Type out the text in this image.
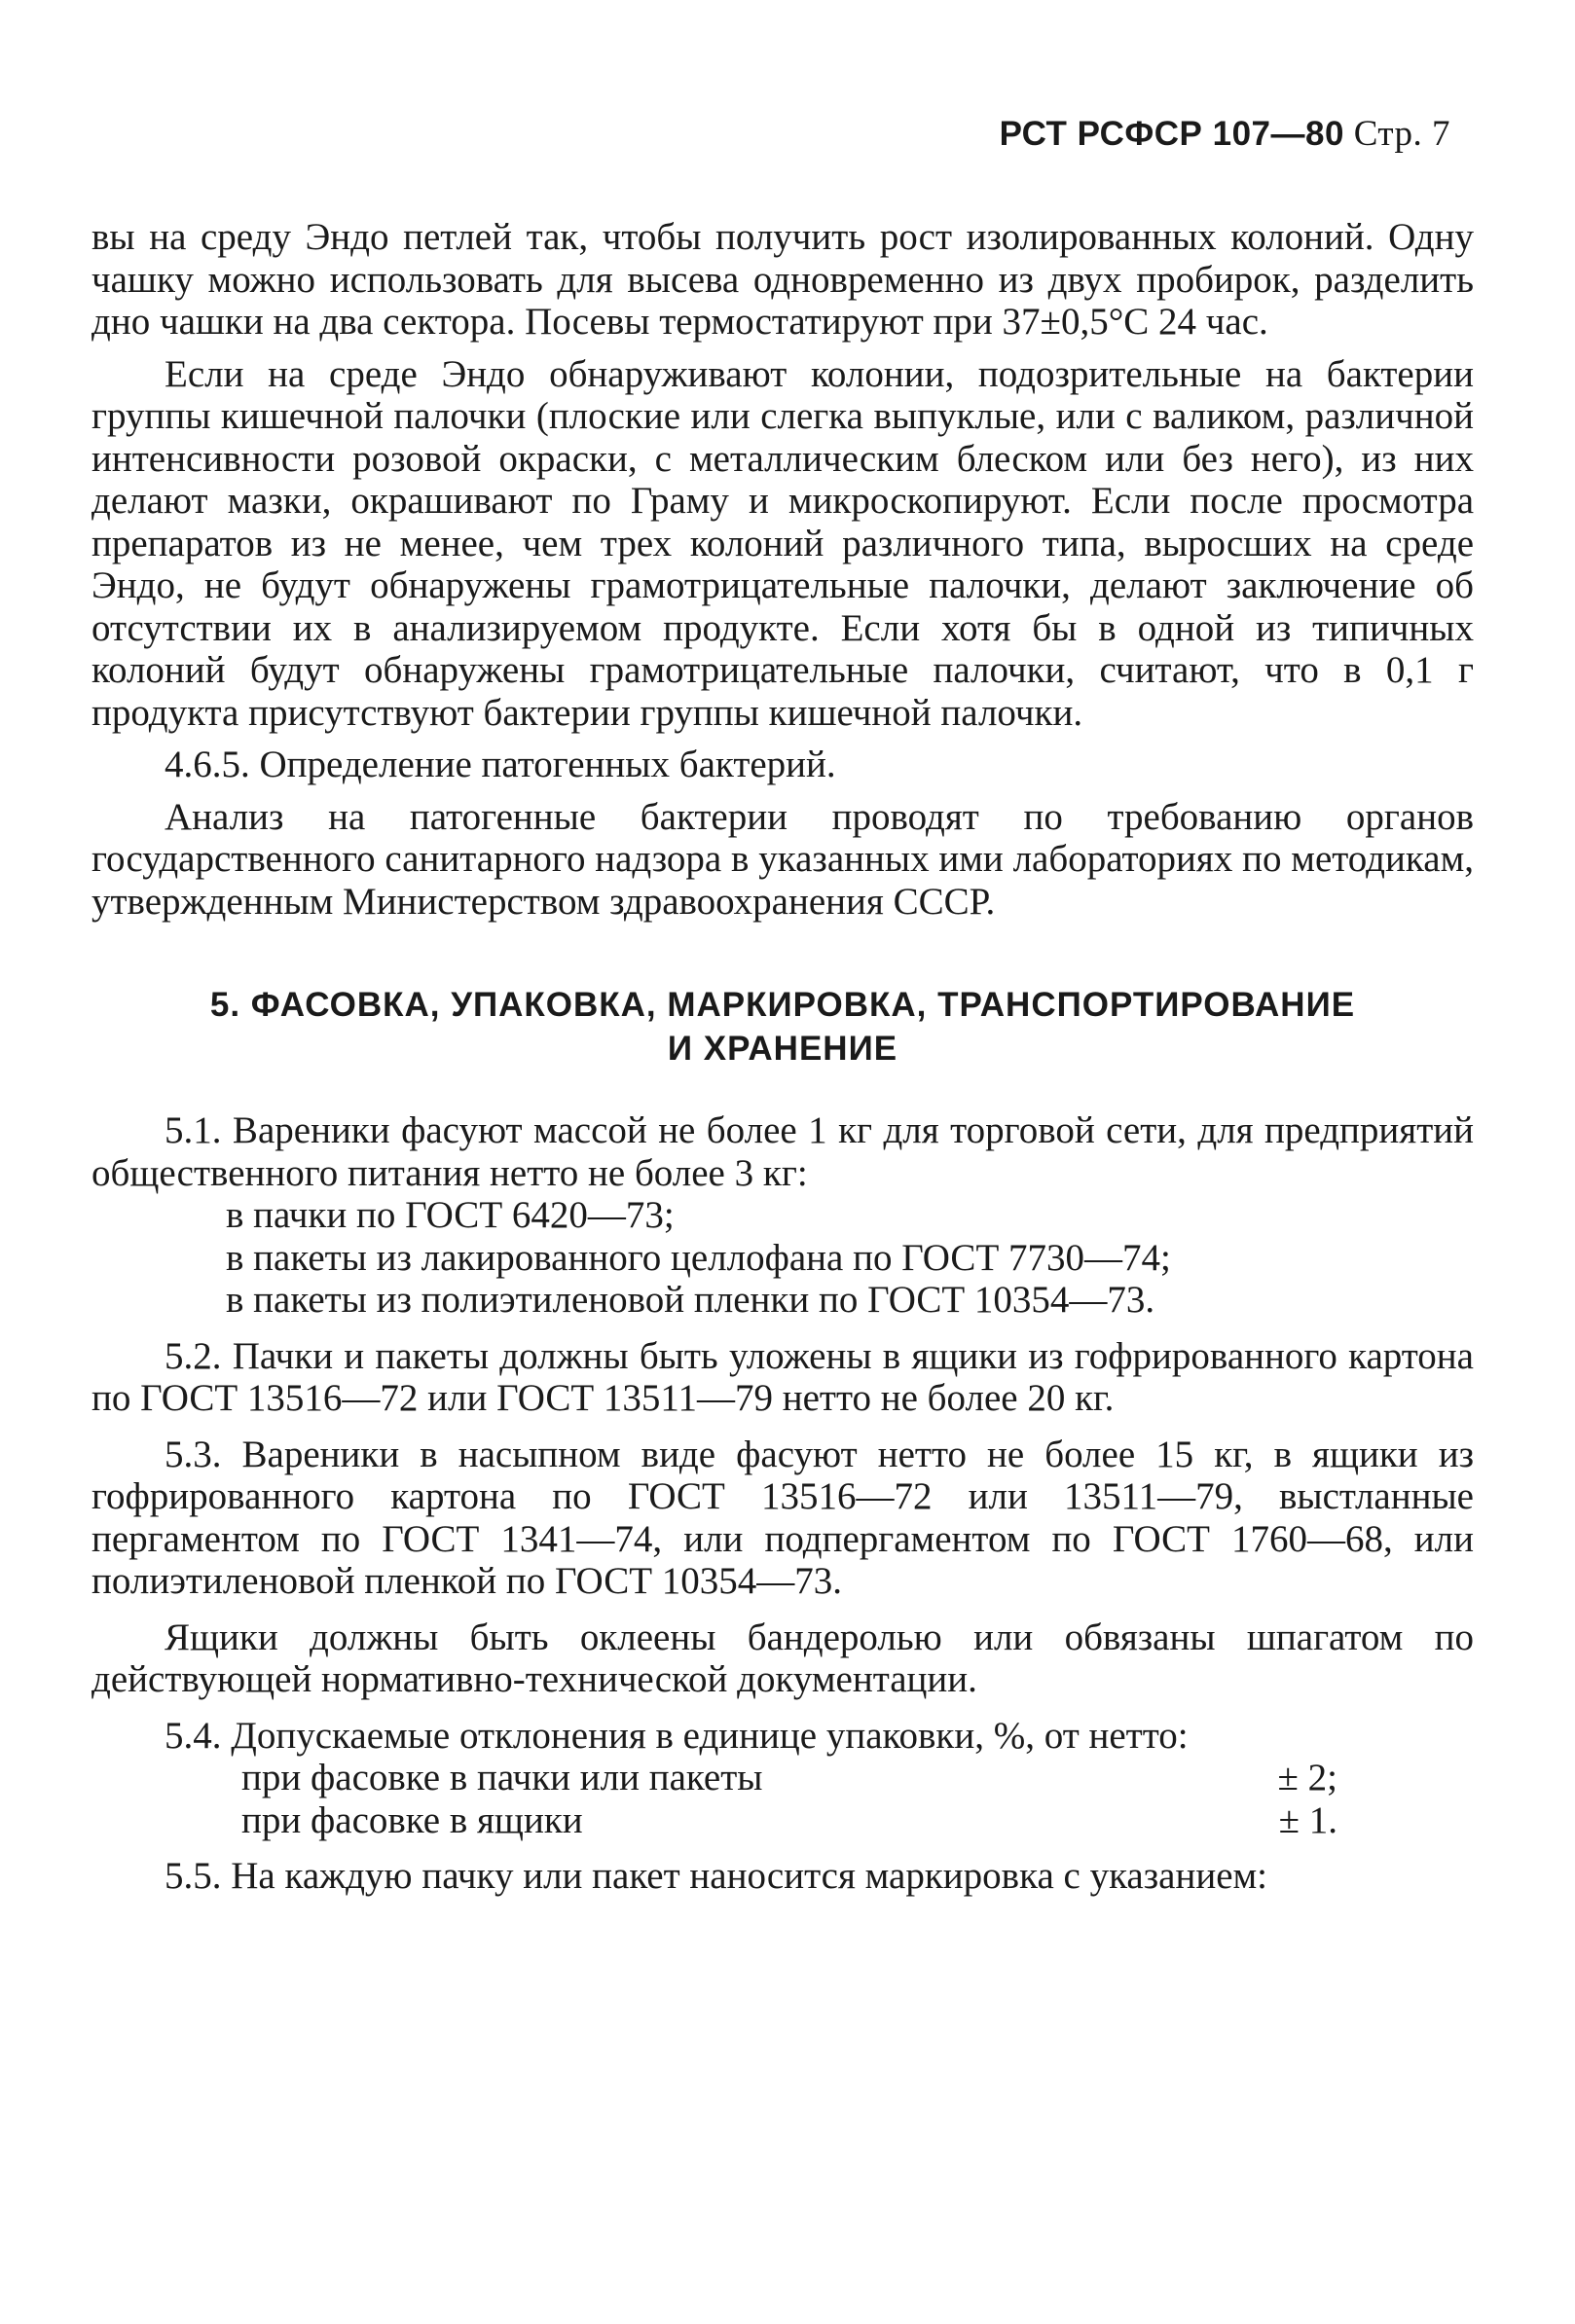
РСТ РСФСР 107—80 Стр. 7

вы на среду Эндо петлей так, чтобы получить рост изолированных колоний. Одну чашку можно использовать для высева одновременно из двух пробирок, разделить дно чашки на два сектора. Посевы термостатируют при 37±0,5°С 24 час.

Если на среде Эндо обнаруживают колонии, подозрительные на бактерии группы кишечной палочки (плоские или слегка выпуклые, или с валиком, различной интенсивности розовой окраски, с металлическим блеском или без него), из них делают мазки, окрашивают по Граму и микроскопируют. Если после просмотра препаратов из не менее, чем трех колоний различного типа, выросших на среде Эндо, не будут обнаружены грамотрицательные палочки, делают заключение об отсутствии их в анализируемом продукте. Если хотя бы в одной из типичных колоний будут обнаружены грамотрицательные палочки, считают, что в 0,1 г продукта присутствуют бактерии группы кишечной палочки.

4.6.5. Определение патогенных бактерий.

Анализ на патогенные бактерии проводят по требованию органов государственного санитарного надзора в указанных ими лабораториях по методикам, утвержденным Министерством здравоохранения СССР.

5. ФАСОВКА, УПАКОВКА, МАРКИРОВКА, ТРАНСПОРТИРОВАНИЕ
И ХРАНЕНИЕ

5.1. Вареники фасуют массой не более 1 кг для торговой сети, для предприятий общественного питания нетто не более 3 кг:

в пачки по ГОСТ 6420—73;
в пакеты из лакированного целлофана по ГОСТ 7730—74;
в пакеты из полиэтиленовой пленки по ГОСТ 10354—73.

5.2. Пачки и пакеты должны быть уложены в ящики из гофрированного картона по ГОСТ 13516—72 или ГОСТ 13511—79 нетто не более 20 кг.

5.3. Вареники в насыпном виде фасуют нетто не более 15 кг, в ящики из гофрированного картона по ГОСТ 13516—72 или 13511—79, выстланные пергаментом по ГОСТ 1341—74, или подпергаментом по ГОСТ 1760—68, или полиэтиленовой пленкой по ГОСТ 10354—73.

Ящики должны быть оклеены бандеролью или обвязаны шпагатом по действующей нормативно-технической документации.

5.4. Допускаемые отклонения в единице упаковки, %, от нетто:

при фасовке в пачки или пакеты	± 2;
при фасовке в ящики	± 1.

5.5. На каждую пачку или пакет наносится маркировка с указанием:
